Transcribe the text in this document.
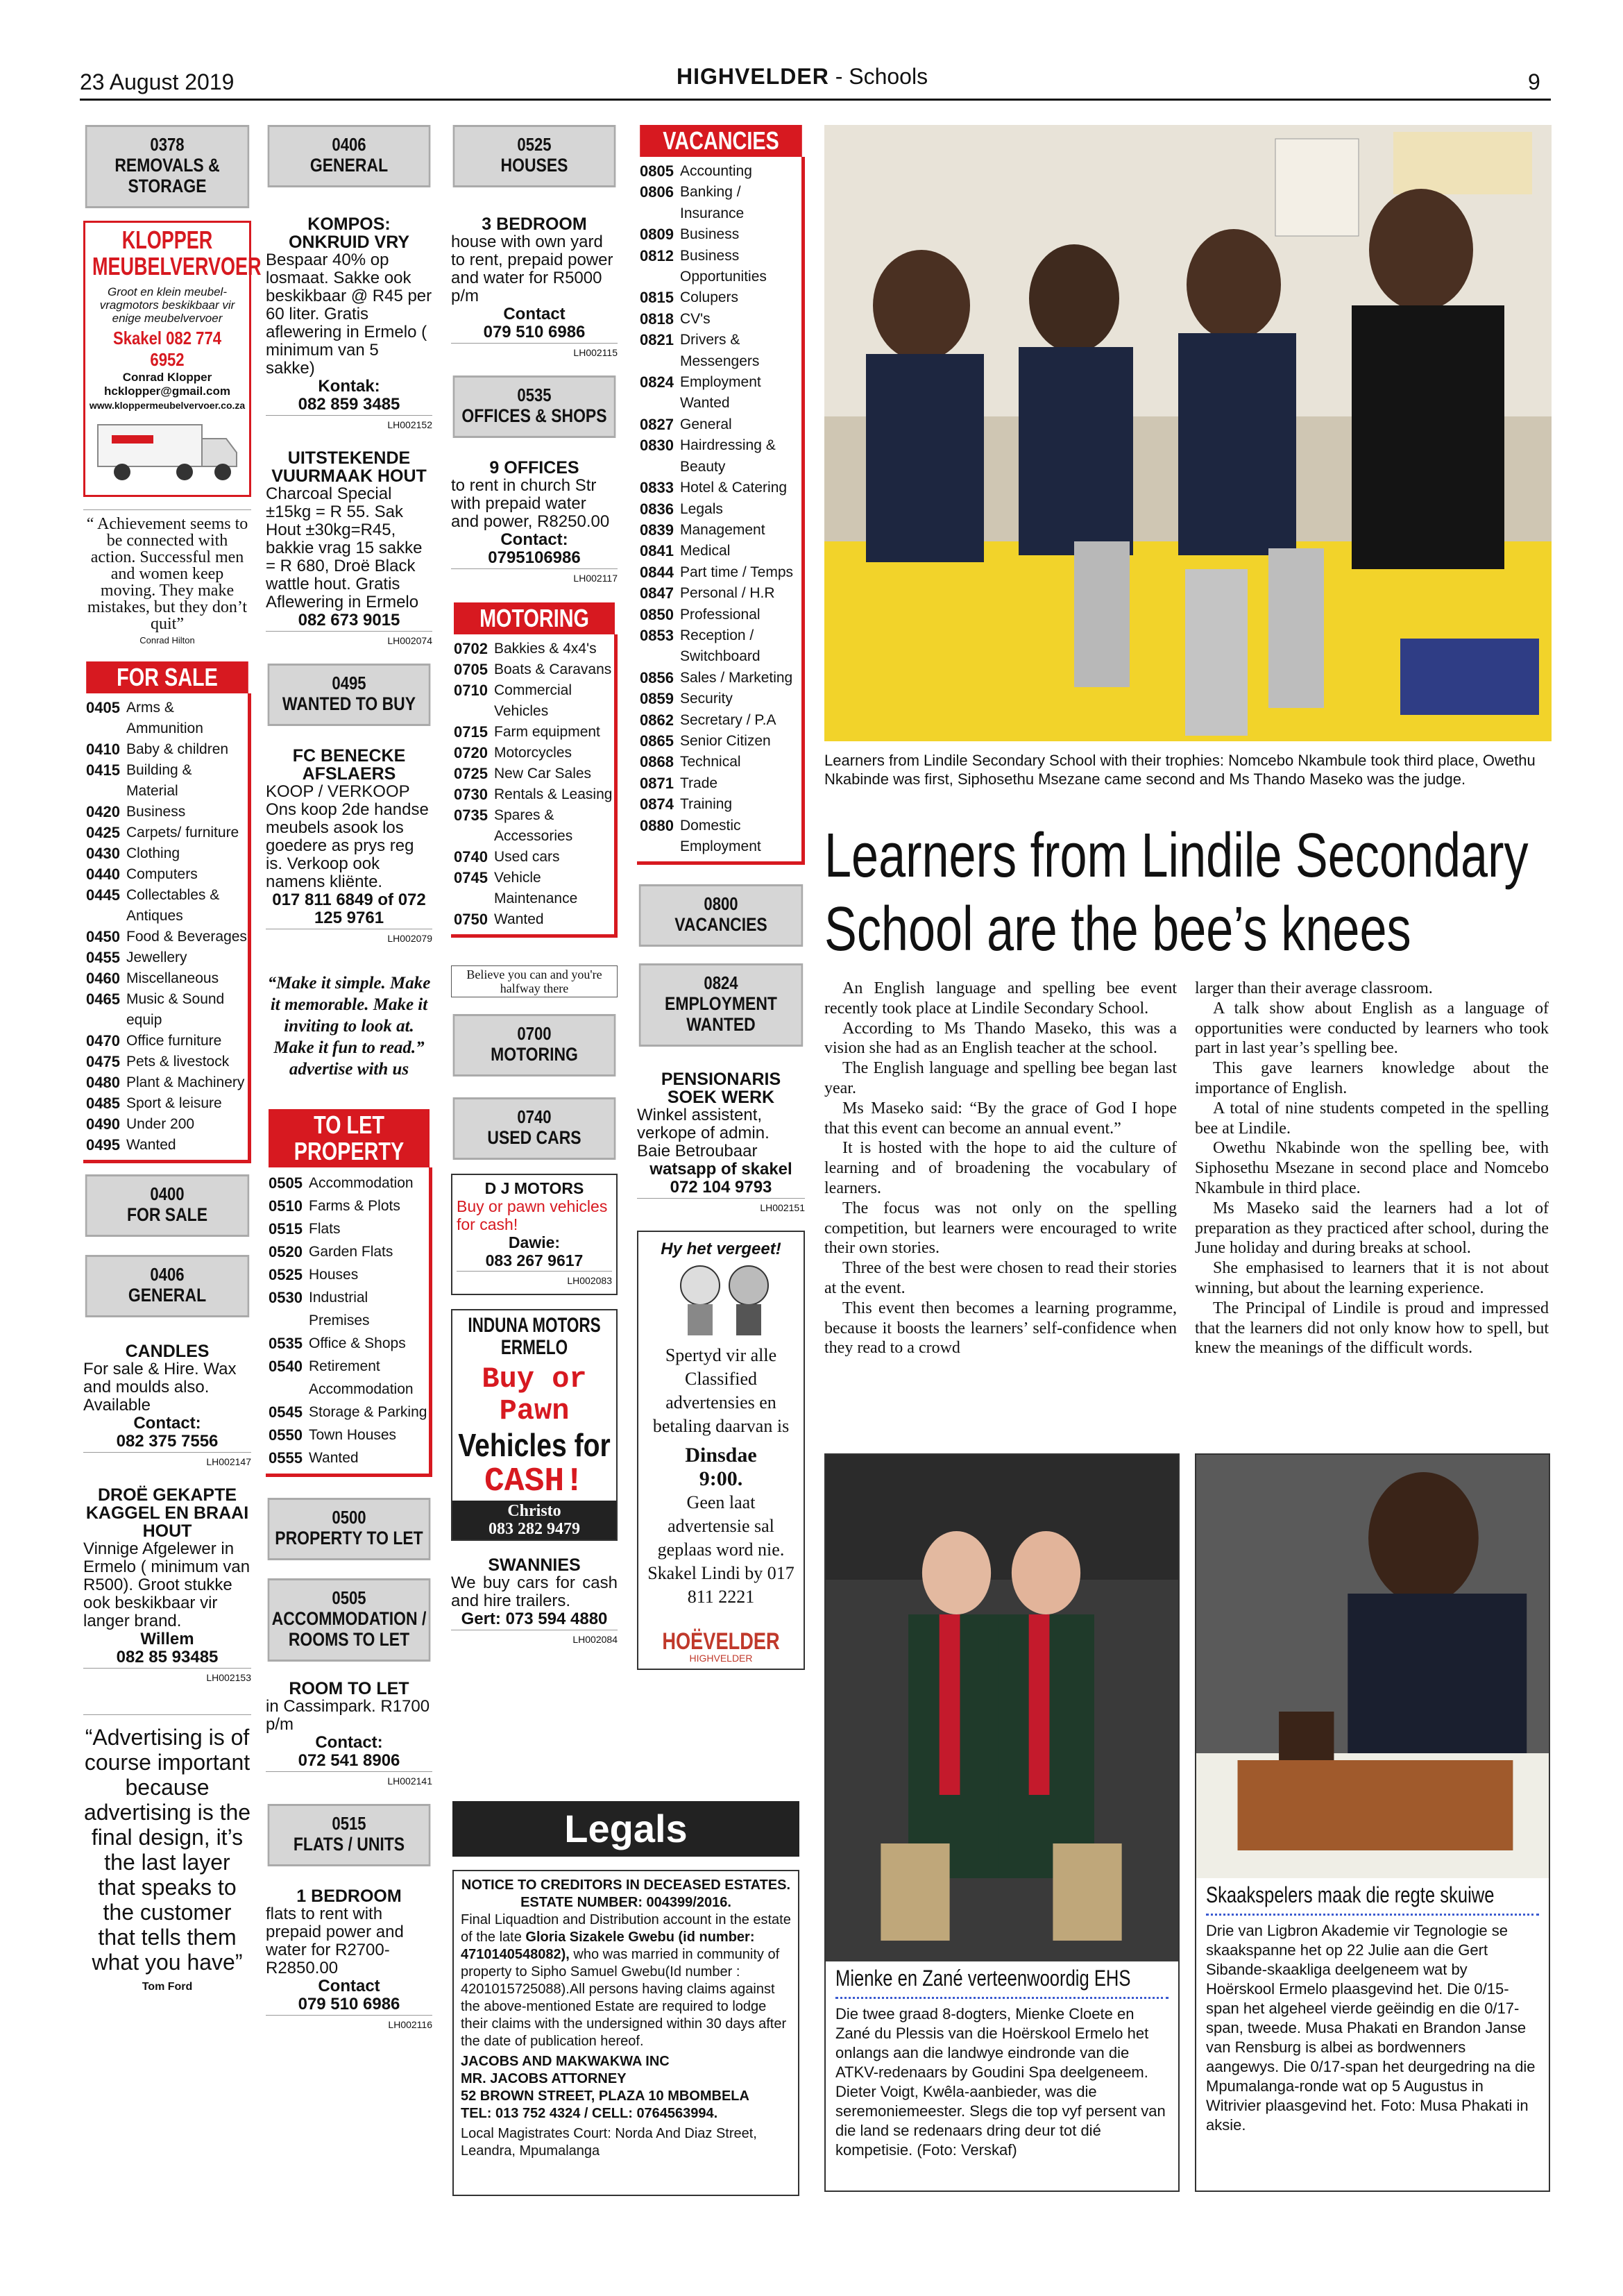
23 August 2019	HIGHVELDER - Schools	9
0378
REMOVALS & STORAGE
KLOPPER
MEUBELVERVOER
Groot en klein meubel-vragmotors beskikbaar vir enige meubelvervoer
Skakel 082 774 6952
Conrad Klopper
hcklopper@gmail.com
www.kloppermeubelvervoer.co.za
“ Achievement seems to be connected with action. Successful men and women keep moving. They make mistakes, but they don’t quit”
Conrad Hilton
FOR SALE
0405 Arms & Ammunition
0410 Baby & children
0415 Building & Material
0420 Business
0425 Carpets/ furniture
0430 Clothing
0440 Computers
0445 Collectables & Antiques
0450 Food & Beverages
0455 Jewellery
0460 Miscellaneous
0465 Music & Sound equip
0470 Office furniture
0475 Pets & livestock
0480 Plant & Machinery
0485 Sport & leisure
0490 Under 200
0495 Wanted
0400
FOR SALE
0406
GENERAL
CANDLES
For sale & Hire. Wax and moulds also. Available
Contact:
082 375 7556
LH002147
DROË GEKAPTE KAGGEL EN BRAAI HOUT
Vinnige Afgelewer in Ermelo ( minimum van R500). Groot stukke ook beskikbaar vir langer brand.
Willem
082 85 93485
LH002153
“Advertising is of course important because advertising is the final design, it’s the last layer that speaks to the customer that tells them what you have”
Tom Ford
0406
GENERAL
KOMPOS: ONKRUID VRY
Bespaar 40% op losmaat. Sakke ook beskikbaar @ R45 per 60 liter. Gratis aflewering in Ermelo ( minimum van 5 sakke)
Kontak:
082 859 3485
LH002152
UITSTEKENDE VUURMAAK HOUT
Charcoal Special ±15kg = R 55. Sak Hout ±30kg=R45, bakkie vrag 15 sakke = R 680, Droë Black wattle hout. Gratis Aflewering in Ermelo
082 673 9015
LH002074
0495
WANTED TO BUY
FC BENECKE AFSLAERS
KOOP / VERKOOP Ons koop 2de handse meubels asook los goedere as prys reg is. Verkoop ook namens kliënte.
017 811 6849 of 072 125 9761
LH002079
“Make it simple. Make it memorable. Make it inviting to look at. Make it fun to read.” advertise with us
TO LET PROPERTY
0505 Accommodation
0510 Farms & Plots
0515 Flats
0520 Garden Flats
0525 Houses
0530 Industrial Premises
0535 Office & Shops
0540 Retirement Accommodation
0545 Storage & Parking
0550 Town Houses
0555 Wanted
0500
PROPERTY TO LET
0505
ACCOMMODATION / ROOMS TO LET
ROOM TO LET
in Cassimpark. R1700 p/m
Contact:
072 541 8906
LH002141
0515
FLATS / UNITS
1 BEDROOM
flats to rent with prepaid power and water for R2700- R2850.00
Contact
079 510 6986
LH002116
0525
HOUSES
3 BEDROOM
house with own yard to rent, prepaid power and water for R5000 p/m
Contact
079 510 6986
LH002115
0535
OFFICES & SHOPS
9 OFFICES
to rent in church Str with prepaid water and power, R8250.00
Contact:
0795106986
LH002117
MOTORING
0702 Bakkies & 4x4's
0705 Boats & Caravans
0710 Commercial Vehicles
0715 Farm equipment
0720 Motorcycles
0725 New Car Sales
0730 Rentals & Leasing
0735 Spares & Accessories
0740 Used cars
0745 Vehicle Maintenance
0750 Wanted
Believe you can and you're halfway there
0700
MOTORING
0740
USED CARS
D J MOTORS
Buy or pawn vehicles for cash!
Dawie:
083 267 9617
LH002083
INDUNA MOTORS
ERMELO
Buy or Pawn
Vehicles for
CASH!
Christo
083 282 9479
SWANNIES
We buy cars for cash and hire trailers.
Gert: 073 594 4880
LH002084
VACANCIES
0805 Accounting
0806 Banking / Insurance
0809 Business
0812 Business Opportunities
0815 Colupers
0818 CV's
0821 Drivers & Messengers
0824 Employment Wanted
0827 General
0830 Hairdressing & Beauty
0833 Hotel & Catering
0836 Legals
0839 Management
0841 Medical
0844 Part time / Temps
0847 Personal / H.R
0850 Professional
0853 Reception / Switchboard
0856 Sales / Marketing
0859 Security
0862 Secretary / P.A
0865 Senior Citizen
0868 Technical
0871 Trade
0874 Training
0880 Domestic Employment
0800
VACANCIES
0824
EMPLOYMENT WANTED
PENSIONARIS SOEK WERK
Winkel assistent, verkope of admin. Baie Betroubaar
watsapp of skakel
072 104 9793
LH002151
Hy het vergeet!
Spertyd vir alle Classified advertensies en betaling daarvan is
Dinsdae
9:00.
Geen laat advertensie sal geplaas word nie. Skakel Lindi by 017 811 2221
HOËVELDER
HIGHVELDER
Legals
NOTICE TO CREDITORS IN DECEASED ESTATES.
ESTATE NUMBER: 004399/2016.
Final Liquadtion and Distribution account in the estate of the late Gloria Sizakele Gwebu (id number: 4710140548082), who was married in community of property to Sipho Samuel Gwebu(Id number : 4201015725088).All persons having claims against the above-mentioned Estate are required to lodge their claims with the undersigned within 30 days after the date of publication hereof.
JACOBS AND MAKWAKWA INC
MR. JACOBS ATTORNEY
52 BROWN STREET, PLAZA 10 MBOMBELA
TEL: 013 752 4324 / CELL: 0764563994.
Local Magistrates Court: Norda And Diaz Street, Leandra, Mpumalanga
Learners from Lindile Secondary School with their trophies: Nomcebo Nkambule took third place, Owethu Nkabinde was first, Siphosethu Msezane came second and Ms Thando Maseko was the judge.
Learners from Lindile Secondary
School are the bee’s knees

An English language and spelling bee event recently took place at Lindile Secondary School.

According to Ms Thando Maseko, this was a vision she had as an English teacher at the school.

The English language and spelling bee began last year.

Ms Maseko said: “By the grace of God I hope that this event can become an annual event.”

It is hosted with the hope to aid the culture of learning and of broadening the vocabulary of learners.

The focus was not only on the spelling competition, but learners were encouraged to write their own stories.

Three of the best were chosen to read their stories at the event.

This event then becomes a learning programme, because it boosts the learners’ self-confidence when they read to a crowd

larger than their average classroom.

A talk show about English as a language of opportunities were conducted by learners who took part in last year’s spelling bee.

This gave learners knowledge about the importance of English.

A total of nine students competed in the spelling bee at Lindile.

Owethu Nkabinde won the spelling bee, with Siphosethu Msezane in second place and Nomcebo Nkambule in third place.

Ms Maseko said the learners had a lot of preparation as they practiced after school, during the June holiday and during breaks at school.

She emphasised to learners that it is not about winning, but about the learning experience.

The Principal of Lindile is proud and impressed that the learners did not only know how to spell, but knew the meanings of the difficult words.

Mienke en Zané verteenwoordig EHS
Die twee graad 8-dogters, Mienke Cloete en Zané du Plessis van die Hoërskool Ermelo het onlangs aan die landwye eindronde van die ATKV-redenaars by Goudini Spa deelgeneem. Dieter Voigt, Kwêla-aanbieder, was die seremoniemeester. Slegs die top vyf persent van die land se redenaars dring deur tot dié kompetisie. (Foto: Verskaf)
Skaakspelers maak die regte skuiwe
Drie van Ligbron Akademie vir Tegnologie se skaakspanne het op 22 Julie aan die Gert Sibande-skaakliga deelgeneem wat by Hoërskool Ermelo plaasgevind het. Die 0/15-span het algeheel vierde geëindig en die 0/17-span, tweede. Musa Phakati en Brandon Janse van Rensburg is albei as bordwenners aangewys. Die 0/17-span het deurgedring na die Mpumalanga-ronde wat op 5 Augustus in Witrivier plaasgevind het. Foto: Musa Phakati in aksie.
